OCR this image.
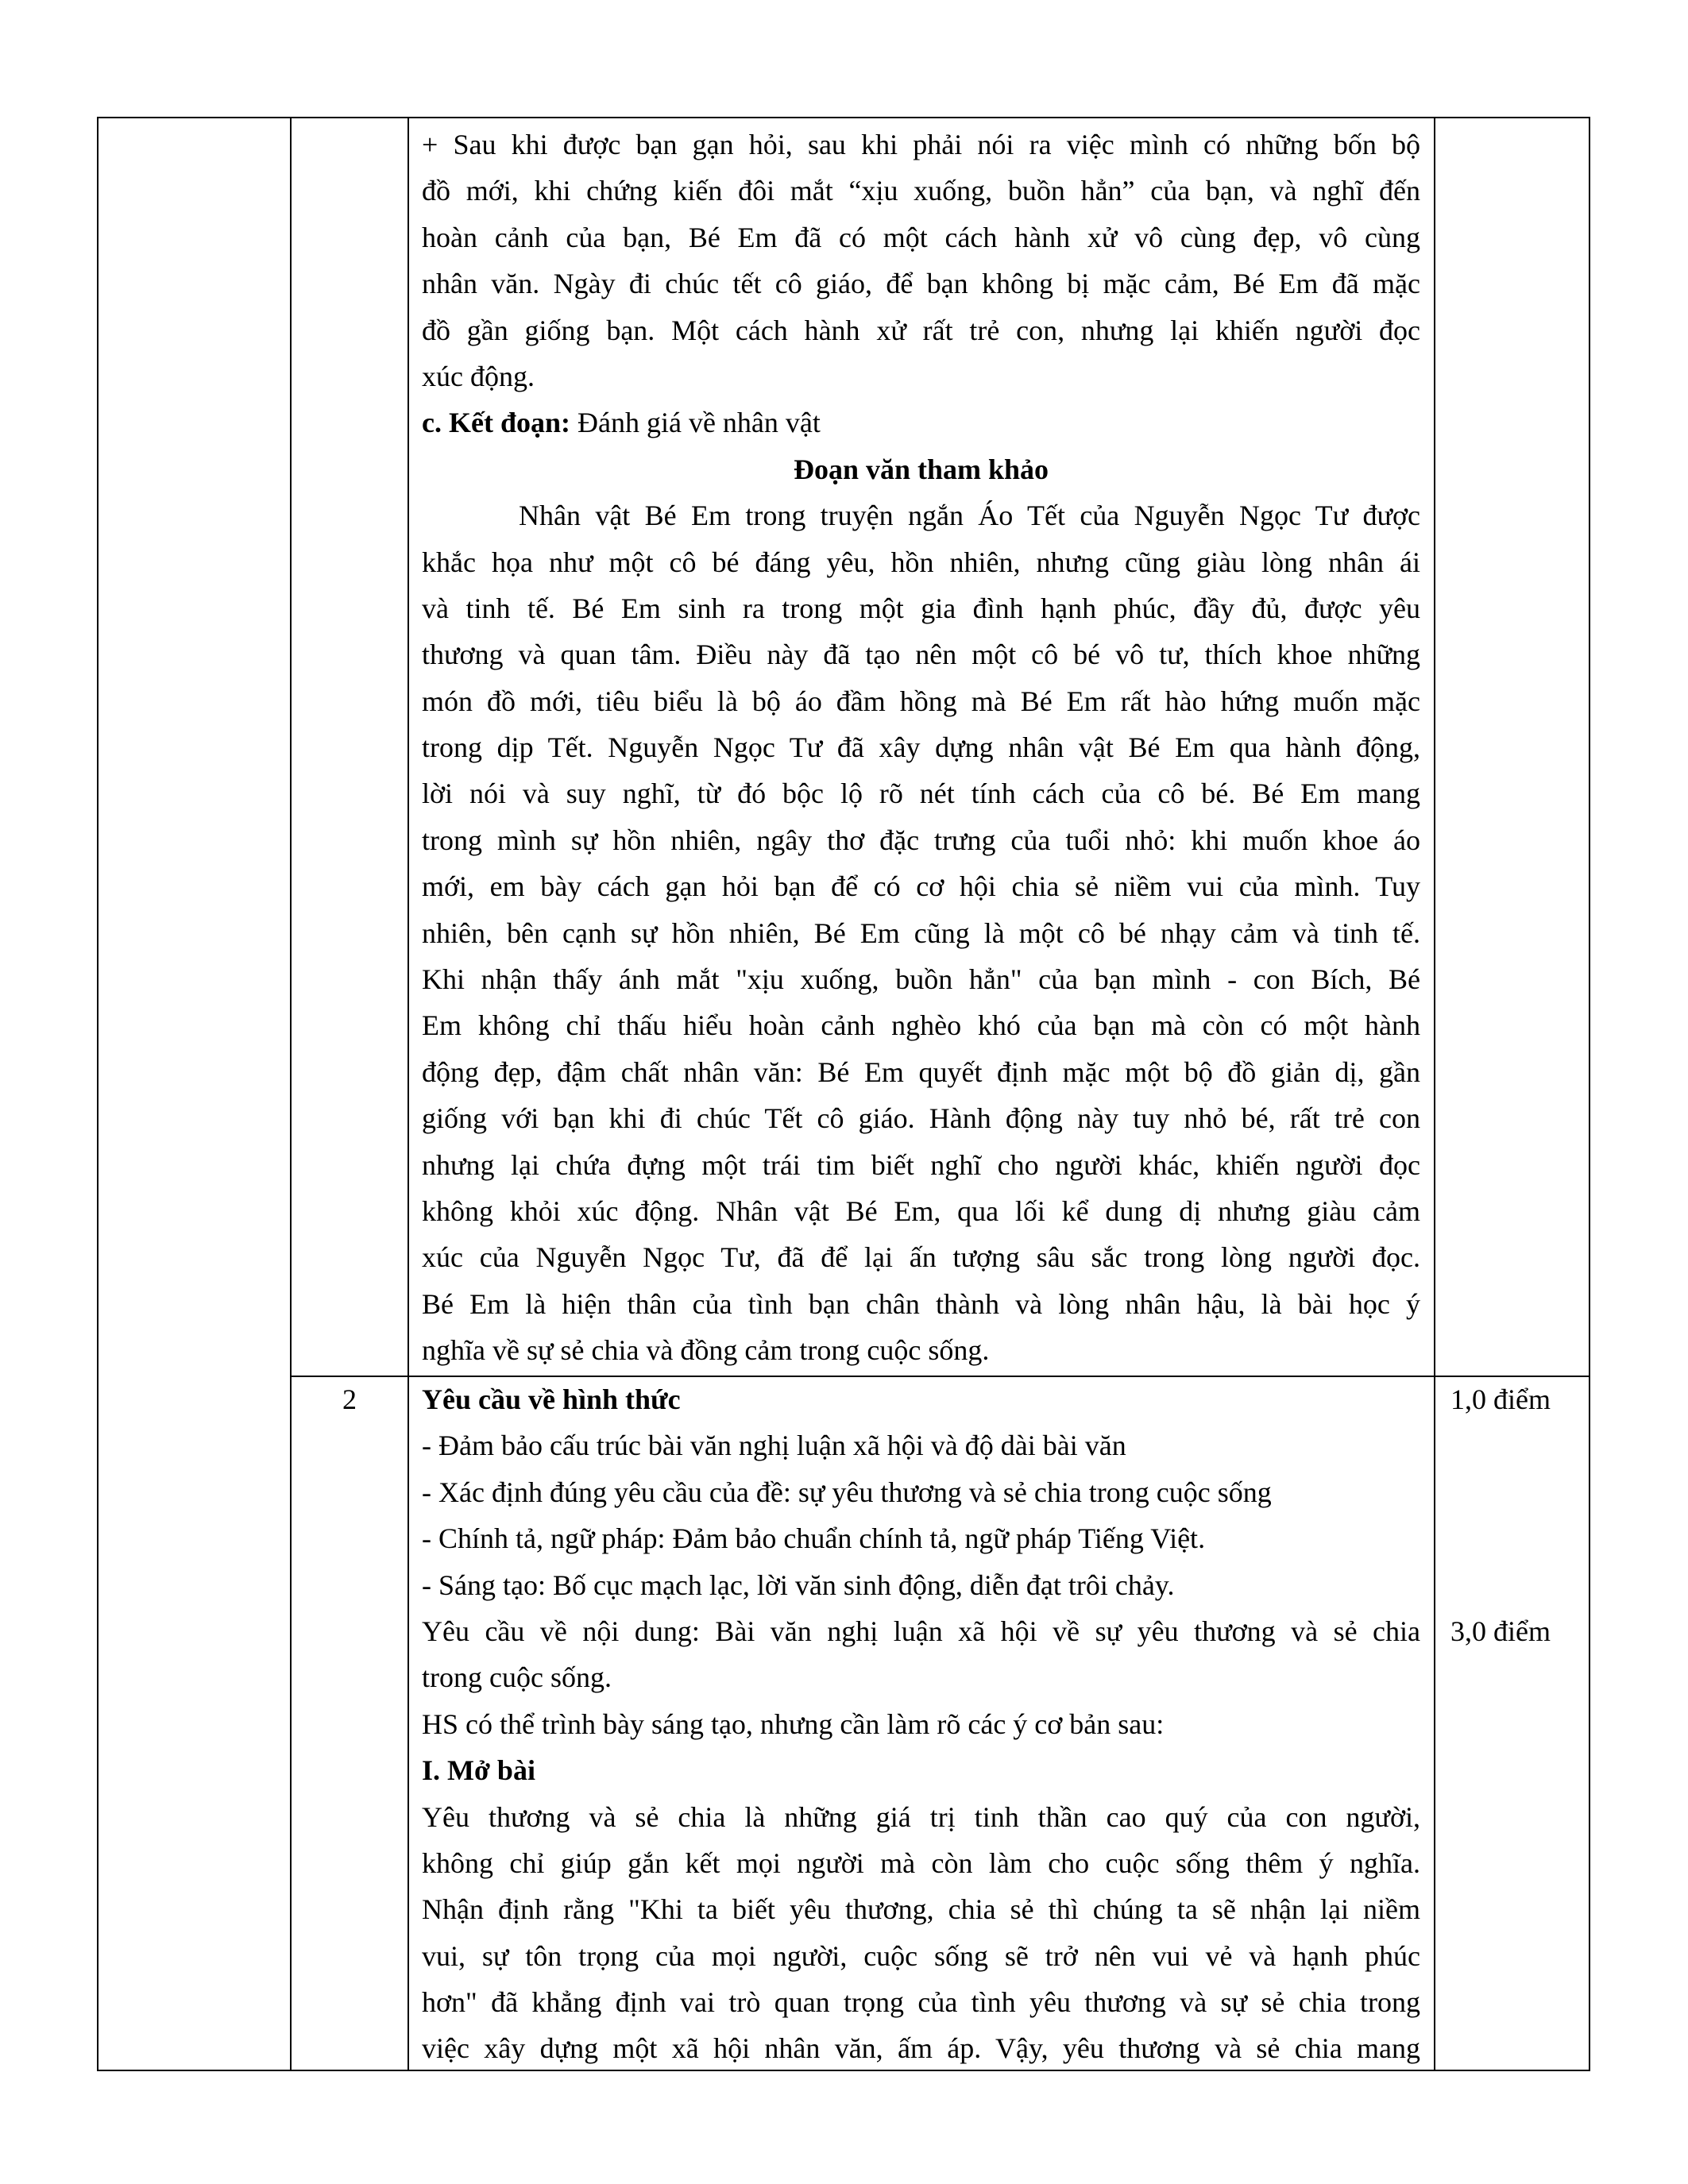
+ Sau khi được bạn gạn hỏi, sau khi phải nói ra việc mình có những bốn bộ
đồ mới, khi chứng kiến đôi mắt “xịu xuống, buồn hẳn” của bạn, và nghĩ đến
hoàn cảnh của bạn, Bé Em đã có một cách hành xử vô cùng đẹp, vô cùng
nhân văn. Ngày đi chúc tết cô giáo, để bạn không bị mặc cảm, Bé Em đã mặc
đồ gần giống bạn. Một cách hành xử rất trẻ con, nhưng lại khiến người đọc
xúc động.
c. Kết đoạn: Đánh giá về nhân vật
Đoạn văn tham khảo
Nhân vật Bé Em trong truyện ngắn Áo Tết của Nguyễn Ngọc Tư được
khắc họa như một cô bé đáng yêu, hồn nhiên, nhưng cũng giàu lòng nhân ái
và tinh tế. Bé Em sinh ra trong một gia đình hạnh phúc, đầy đủ, được yêu
thương và quan tâm. Điều này đã tạo nên một cô bé vô tư, thích khoe những
món đồ mới, tiêu biểu là bộ áo đầm hồng mà Bé Em rất hào hứng muốn mặc
trong dịp Tết. Nguyễn Ngọc Tư đã xây dựng nhân vật Bé Em qua hành động,
lời nói và suy nghĩ, từ đó bộc lộ rõ nét tính cách của cô bé. Bé Em mang
trong mình sự hồn nhiên, ngây thơ đặc trưng của tuổi nhỏ: khi muốn khoe áo
mới, em bày cách gạn hỏi bạn để có cơ hội chia sẻ niềm vui của mình. Tuy
nhiên, bên cạnh sự hồn nhiên, Bé Em cũng là một cô bé nhạy cảm và tinh tế.
Khi nhận thấy ánh mắt "xịu xuống, buồn hẳn" của bạn mình - con Bích, Bé
Em không chỉ thấu hiểu hoàn cảnh nghèo khó của bạn mà còn có một hành
động đẹp, đậm chất nhân văn: Bé Em quyết định mặc một bộ đồ giản dị, gần
giống với bạn khi đi chúc Tết cô giáo. Hành động này tuy nhỏ bé, rất trẻ con
nhưng lại chứa đựng một trái tim biết nghĩ cho người khác, khiến người đọc
không khỏi xúc động. Nhân vật Bé Em, qua lối kể dung dị nhưng giàu cảm
xúc của Nguyễn Ngọc Tư, đã để lại ấn tượng sâu sắc trong lòng người đọc.
Bé Em là hiện thân của tình bạn chân thành và lòng nhân hậu, là bài học ý
nghĩa về sự sẻ chia và đồng cảm trong cuộc sống.
Yêu cầu về hình thức
- Đảm bảo cấu trúc bài văn nghị luận xã hội và độ dài bài văn
- Xác định đúng yêu cầu của đề: sự yêu thương và sẻ chia trong cuộc sống
- Chính tả, ngữ pháp: Đảm bảo chuẩn chính tả, ngữ pháp Tiếng Việt.
- Sáng tạo: Bố cục mạch lạc, lời văn sinh động, diễn đạt trôi chảy.
Yêu cầu về nội dung: Bài văn nghị luận xã hội về sự yêu thương và sẻ chia
trong cuộc sống.
HS có thể trình bày sáng tạo, nhưng cần làm rõ các ý cơ bản sau:
I. Mở bài
Yêu thương và sẻ chia là những giá trị tinh thần cao quý của con người,
không chỉ giúp gắn kết mọi người mà còn làm cho cuộc sống thêm ý nghĩa.
Nhận định rằng "Khi ta biết yêu thương, chia sẻ thì chúng ta sẽ nhận lại niềm
vui, sự tôn trọng của mọi người, cuộc sống sẽ trở nên vui vẻ và hạnh phúc
hơn" đã khẳng định vai trò quan trọng của tình yêu thương và sự sẻ chia trong
việc xây dựng một xã hội nhân văn, ấm áp. Vậy, yêu thương và sẻ chia mang
2	1,0 điểm
3,0 điểm
